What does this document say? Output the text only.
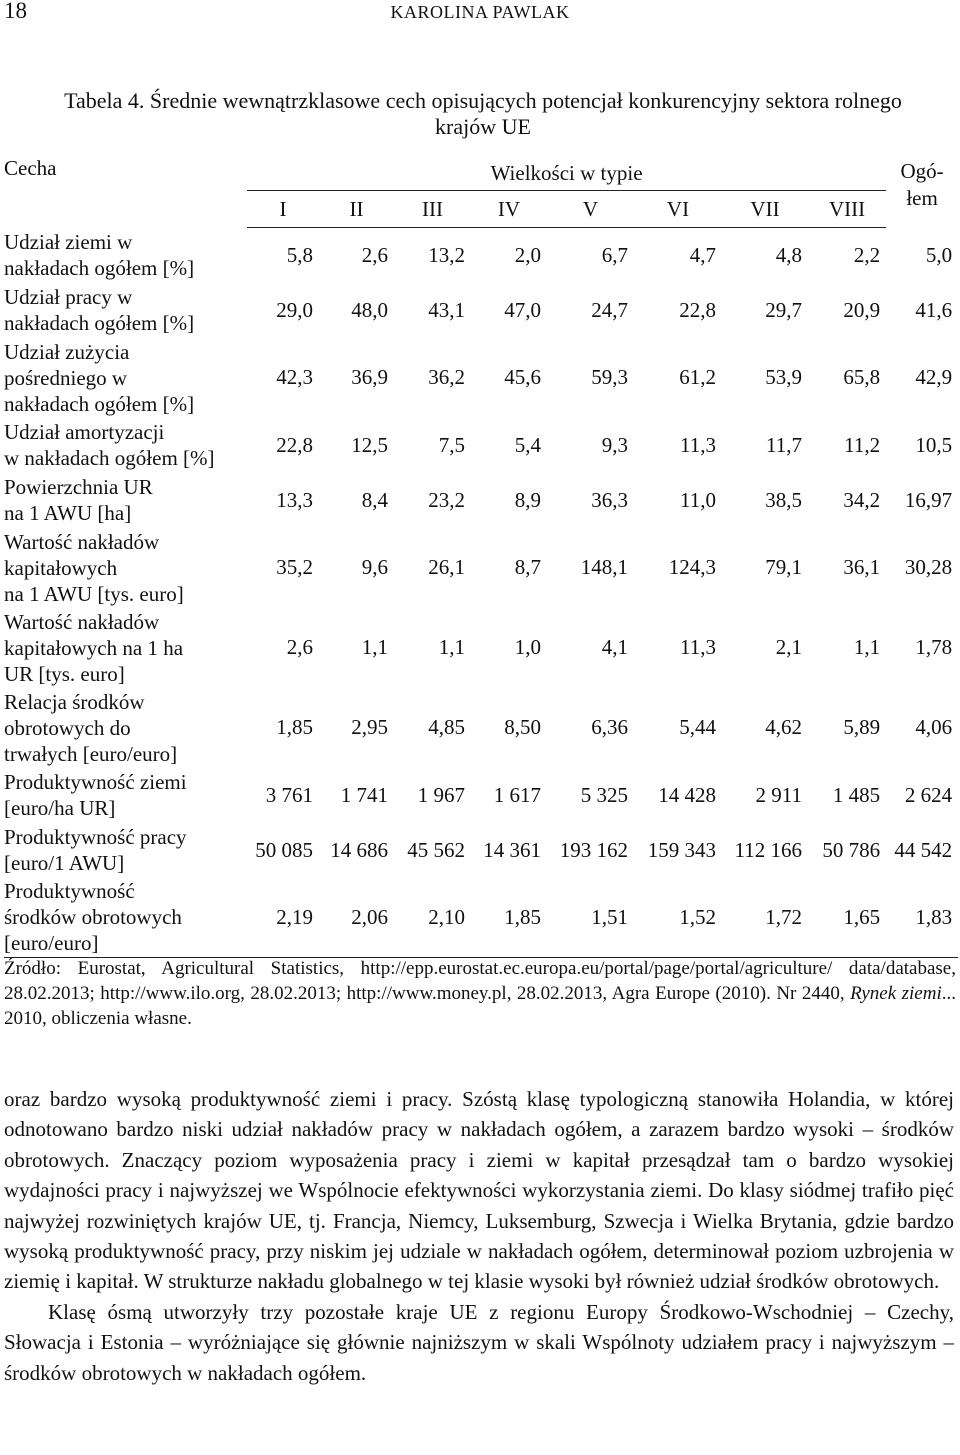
18	KAROLINA PAWLAK
Tabela 4. Średnie wewnątrzklasowe cech opisujących potencjał konkurencyjny sektora rolnego
krajów UE
Cecha	Wielkości w typie								Ogó-
łem

	I	II	III	IV	V	VI	VII	VIII	

Udział ziemi w
nakładach ogółem [%]	5,8	2,6	13,2	2,0	6,7	4,7	4,8	2,2	5,0

Udział pracy w
nakładach ogółem [%]	29,0	48,0	43,1	47,0	24,7	22,8	29,7	20,9	41,6

Udział zużycia
pośredniego w
nakładach ogółem [%]	42,3	36,9	36,2	45,6	59,3	61,2	53,9	65,8	42,9

Udział amortyzacji
w nakładach ogółem [%]	22,8	12,5	7,5	5,4	9,3	11,3	11,7	11,2	10,5

Powierzchnia UR
na 1 AWU [ha]	13,3	8,4	23,2	8,9	36,3	11,0	38,5	34,2	16,97

Wartość nakładów
kapitałowych
na 1 AWU [tys. euro]	35,2	9,6	26,1	8,7	148,1	124,3	79,1	36,1	30,28

Wartość nakładów
kapitałowych na 1 ha
UR [tys. euro]	2,6	1,1	1,1	1,0	4,1	11,3	2,1	1,1	1,78

Relacja środków
obrotowych do
trwałych [euro/euro]	1,85	2,95	4,85	8,50	6,36	5,44	4,62	5,89	4,06

Produktywność ziemi
[euro/ha UR]	3 761	1 741	1 967	1 617	5 325	14 428	2 911	1 485	2 624

Produktywność pracy
[euro/1 AWU]	50 085	14 686	45 562	14 361	193 162	159 343	112 166	50 786	44 542

Produktywność
środków obrotowych
[euro/euro]	2,19	2,06	2,10	1,85	1,51	1,52	1,72	1,65	1,83
Źródło: Eurostat, Agricultural Statistics, http://epp.eurostat.ec.europa.eu/portal/page/portal/agriculture/ data/database, 28.02.2013; http://www.ilo.org, 28.02.2013; http://www.money.pl, 28.02.2013, Agra Europe (2010). Nr 2440, Rynek ziemi... 2010, obliczenia własne.

oraz bardzo wysoką produktywność ziemi i pracy. Szóstą klasę typologiczną stanowiła Holandia, w której odnotowano bardzo niski udział nakładów pracy w nakładach ogółem, a zarazem bardzo wysoki – środków obrotowych. Znaczący poziom wyposażenia pracy i ziemi w kapitał przesądzał tam o bardzo wysokiej wydajności pracy i najwyższej we Wspólnocie efektywności wykorzystania ziemi. Do klasy siódmej trafiło pięć najwyżej rozwiniętych krajów UE, tj. Francja, Niemcy, Luksemburg, Szwecja i Wielka Brytania, gdzie bardzo wysoką produktywność pracy, przy niskim jej udziale w nakładach ogółem, determinował poziom uzbrojenia w ziemię i kapitał. W strukturze nakładu globalnego w tej klasie wysoki był również udział środków obrotowych.

Klasę ósmą utworzyły trzy pozostałe kraje UE z regionu Europy Środkowo-Wschodniej – Czechy, Słowacja i Estonia – wyróżniające się głównie najniższym w skali Wspólnoty udziałem pracy i najwyższym – środków obrotowych w nakładach ogółem.
